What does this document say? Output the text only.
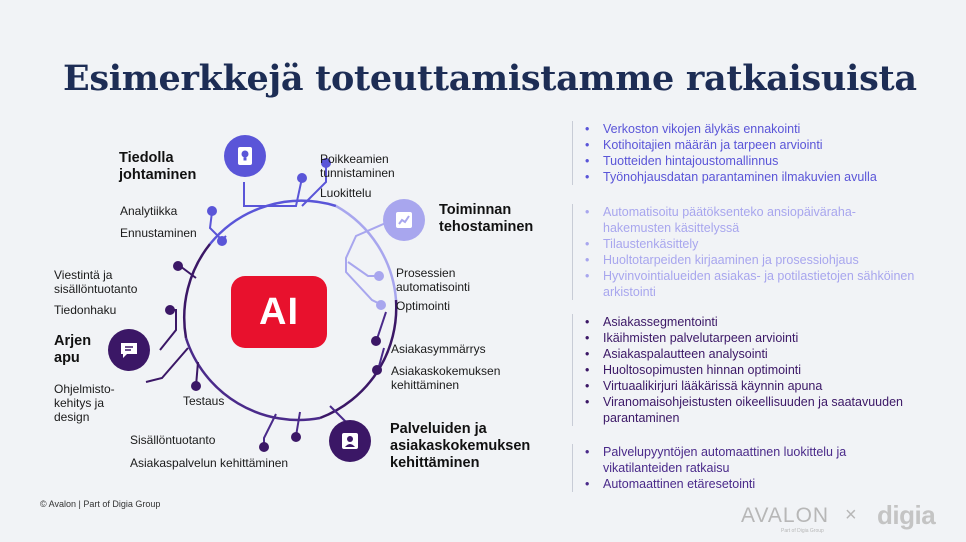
Esimerkkejä toteuttamistamme ratkaisuista
AI
Tiedolla johtaminen
Toiminnan tehostaminen
Arjen apu
Palveluiden ja asiakaskokemuksen kehittäminen
Analytiikka
Ennustaminen
Poikkeamien tunnistaminen
Luokittelu
Prosessien automatisointi
Optimointi
Viestintä ja sisällöntuotanto
Tiedonhaku
Ohjelmisto-kehitys ja design
Testaus
Asiakasymmärrys
Asiakaskokemuksen kehittäminen
Sisällöntuotanto
Asiakaspalvelun kehittäminen
• Verkoston vikojen älykäs ennakointi
• Kotihoitajien määrän ja tarpeen arviointi
• Tuotteiden hintajoustomallinnus
• Työnohjausdatan parantaminen ilmakuvien avulla
• Automatisoitu päätöksenteko ansiopäiväraha-hakemusten käsittelyssä
• Tilaustenkäsittely
• Huoltotarpeiden kirjaaminen ja prosessiohjaus
• Hyvinvointialueiden asiakas- ja potilastietojen sähköinen arkistointi
• Asiakassegmentointi
• Ikäihmisten palvelutarpeen arviointi
• Asiakaspalautteen analysointi
• Huoltosopimusten hinnan optimointi
• Virtuaalikirjuri lääkärissä käynnin apuna
• Viranomaisohjeistusten oikeellisuuden ja saatavuuden parantaminen
• Palvelupyyntöjen automaattinen luokittelu ja vikatilanteiden ratkaisu
• Automaattinen etäresetointi
© Avalon | Part of Digia Group	AVALON
Part of Digia Group
× digia
